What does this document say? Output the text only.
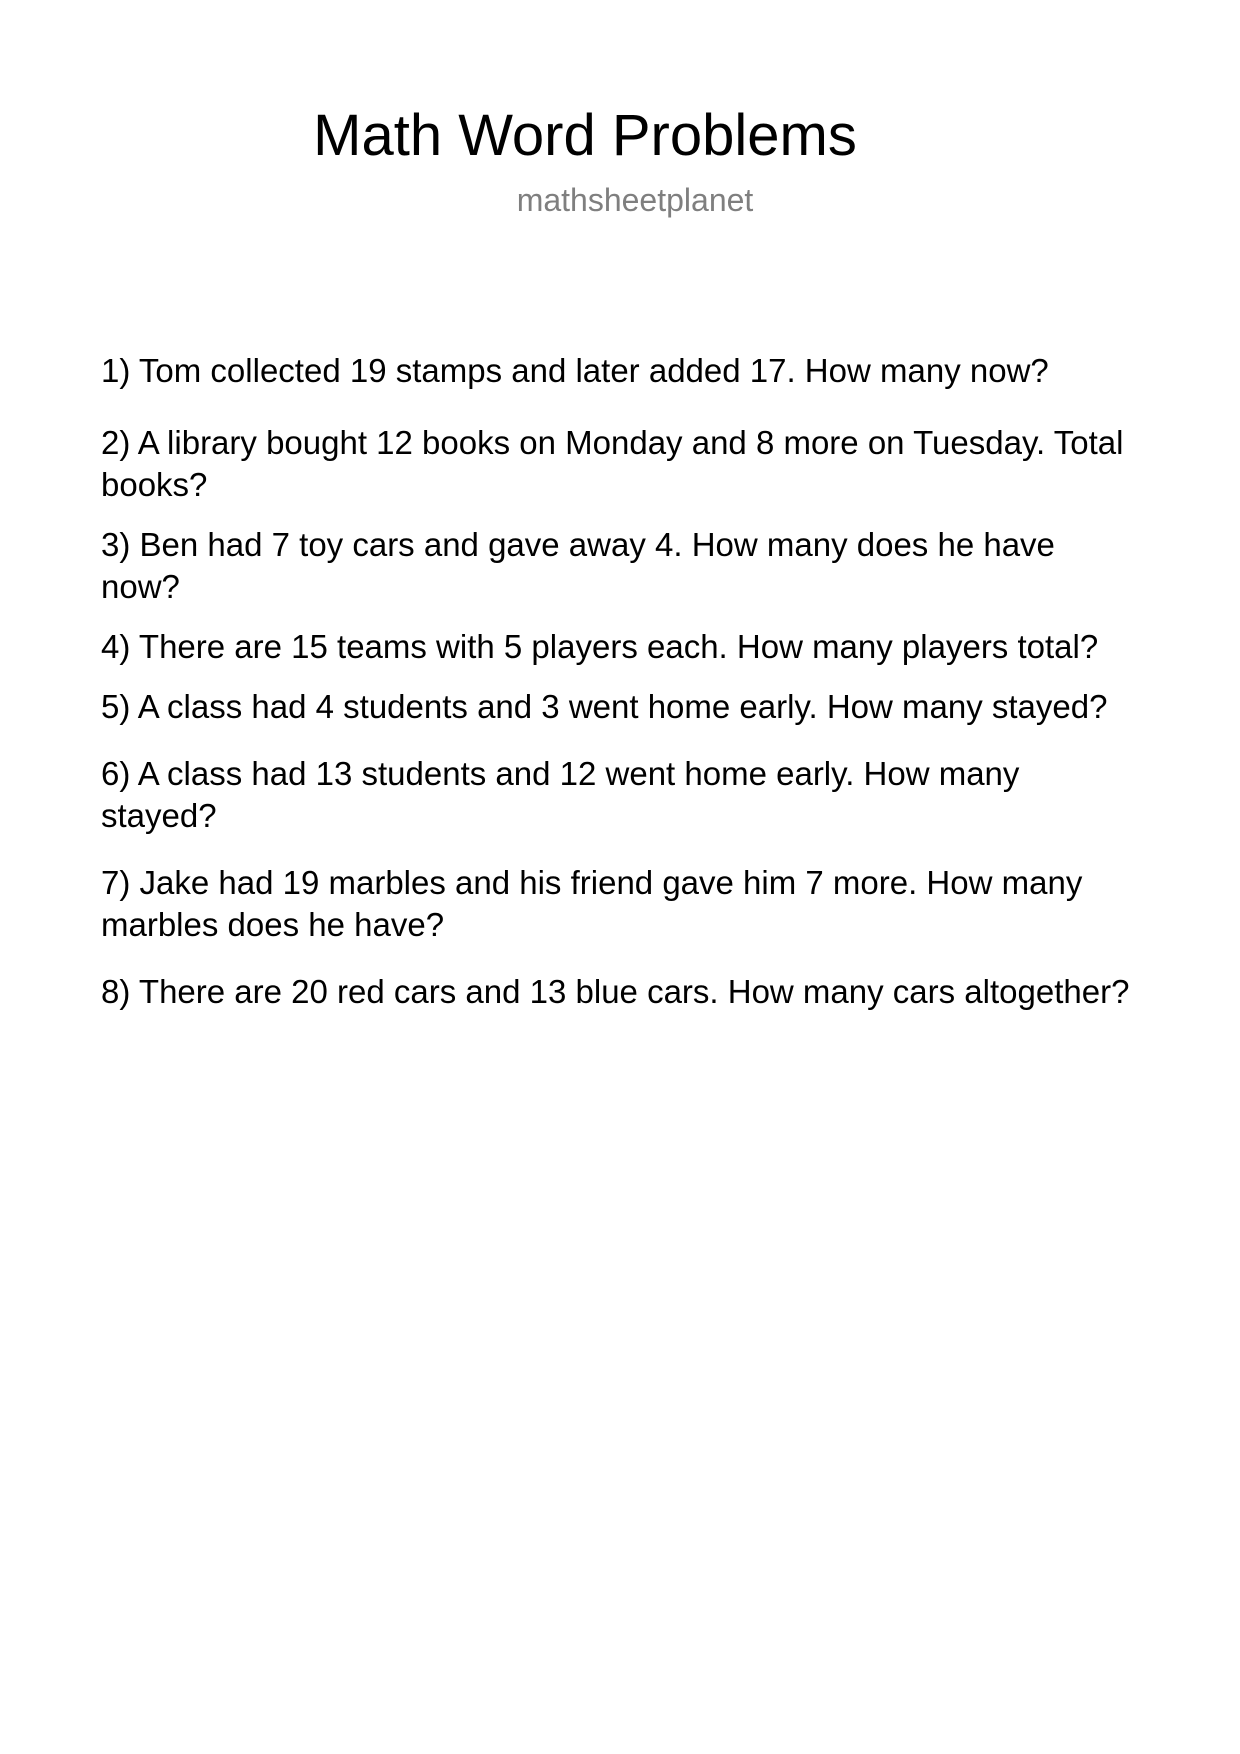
Math Word Problems
mathsheetplanet
1) Tom collected 19 stamps and later added 17. How many now?
2) A library bought 12 books on Monday and 8 more on Tuesday. Total books?
3) Ben had 7 toy cars and gave away 4. How many does he have now?
4) There are 15 teams with 5 players each. How many players total?
5) A class had 4 students and 3 went home early. How many stayed?
6) A class had 13 students and 12 went home early. How many stayed?
7) Jake had 19 marbles and his friend gave him 7 more. How many marbles does he have?
8) There are 20 red cars and 13 blue cars. How many cars altogether?
